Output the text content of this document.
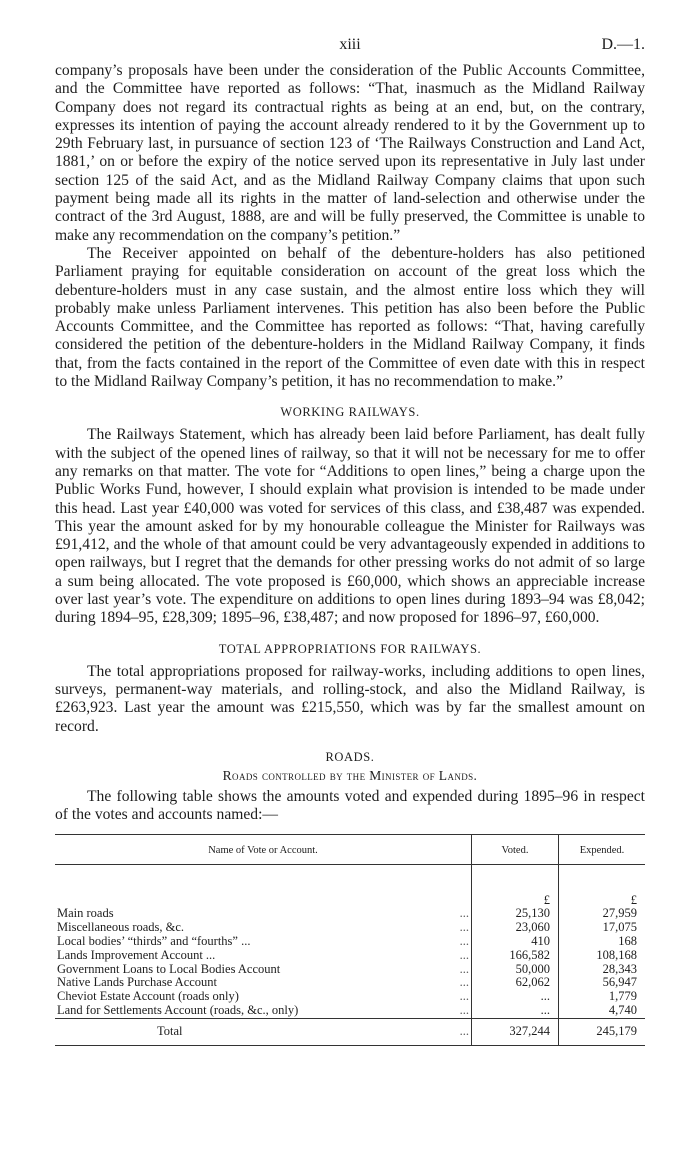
xiii	D.—1.

company’s proposals have been under the consideration of the Public Accounts Committee, and the Committee have reported as follows: “That, inasmuch as the Midland Railway Company does not regard its contractual rights as being at an end, but, on the contrary, expresses its intention of paying the account already rendered to it by the Government up to 29th February last, in pursuance of section 123 of ‘The Railways Construction and Land Act, 1881,’ on or before the expiry of the notice served upon its representative in July last under section 125 of the said Act, and as the Midland Railway Company claims that upon such payment being made all its rights in the matter of land-selection and otherwise under the contract of the 3rd August, 1888, are and will be fully preserved, the Committee is unable to make any recommendation on the company’s petition.”

The Receiver appointed on behalf of the debenture-holders has also petitioned Parliament praying for equitable consideration on account of the great loss which the debenture-holders must in any case sustain, and the almost entire loss which they will probably make unless Parliament intervenes. This petition has also been before the Public Accounts Committee, and the Committee has reported as follows: “That, having carefully considered the petition of the debenture-holders in the Midland Railway Company, it finds that, from the facts contained in the report of the Committee of even date with this in respect to the Midland Railway Company’s petition, it has no recommendation to make.”

WORKING RAILWAYS.

The Railways Statement, which has already been laid before Parliament, has dealt fully with the subject of the opened lines of railway, so that it will not be necessary for me to offer any remarks on that matter. The vote for “Additions to open lines,” being a charge upon the Public Works Fund, however, I should explain what provision is intended to be made under this head. Last year £40,000 was voted for services of this class, and £38,487 was expended. This year the amount asked for by my honourable colleague the Minister for Railways was £91,412, and the whole of that amount could be very advantageously expended in additions to open railways, but I regret that the demands for other pressing works do not admit of so large a sum being allocated. The vote proposed is £60,000, which shows an appreciable increase over last year’s vote. The expenditure on additions to open lines during 1893–94 was £8,042; during 1894–95, £28,309; 1895–96, £38,487; and now proposed for 1896–97, £60,000.

TOTAL APPROPRIATIONS FOR RAILWAYS.

The total appropriations proposed for railway-works, including additions to open lines, surveys, permanent-way materials, and rolling-stock, and also the Midland Railway, is £263,923. Last year the amount was £215,550, which was by far the smallest amount on record.

ROADS.
Roads controlled by the Minister of Lands.

The following table shows the amounts voted and expended during 1895–96 in respect of the votes and accounts named:—

Name of Vote or Account.	Voted.	Expended.

	£	£

Main roads ...	25,130	27,959

Miscellaneous roads, &c. ...	23,060	17,075

Local bodies’ “thirds” and “fourths” ... ...	410	168

Lands Improvement Account ... ...	166,582	108,168

Government Loans to Local Bodies Account ...	50,000	28,343

Native Lands Purchase Account ...	62,062	56,947

Cheviot Estate Account (roads only) ...	...	1,779

Land for Settlements Account (roads, &c., only) ...	...	4,740

Total ...	327,244	245,179
